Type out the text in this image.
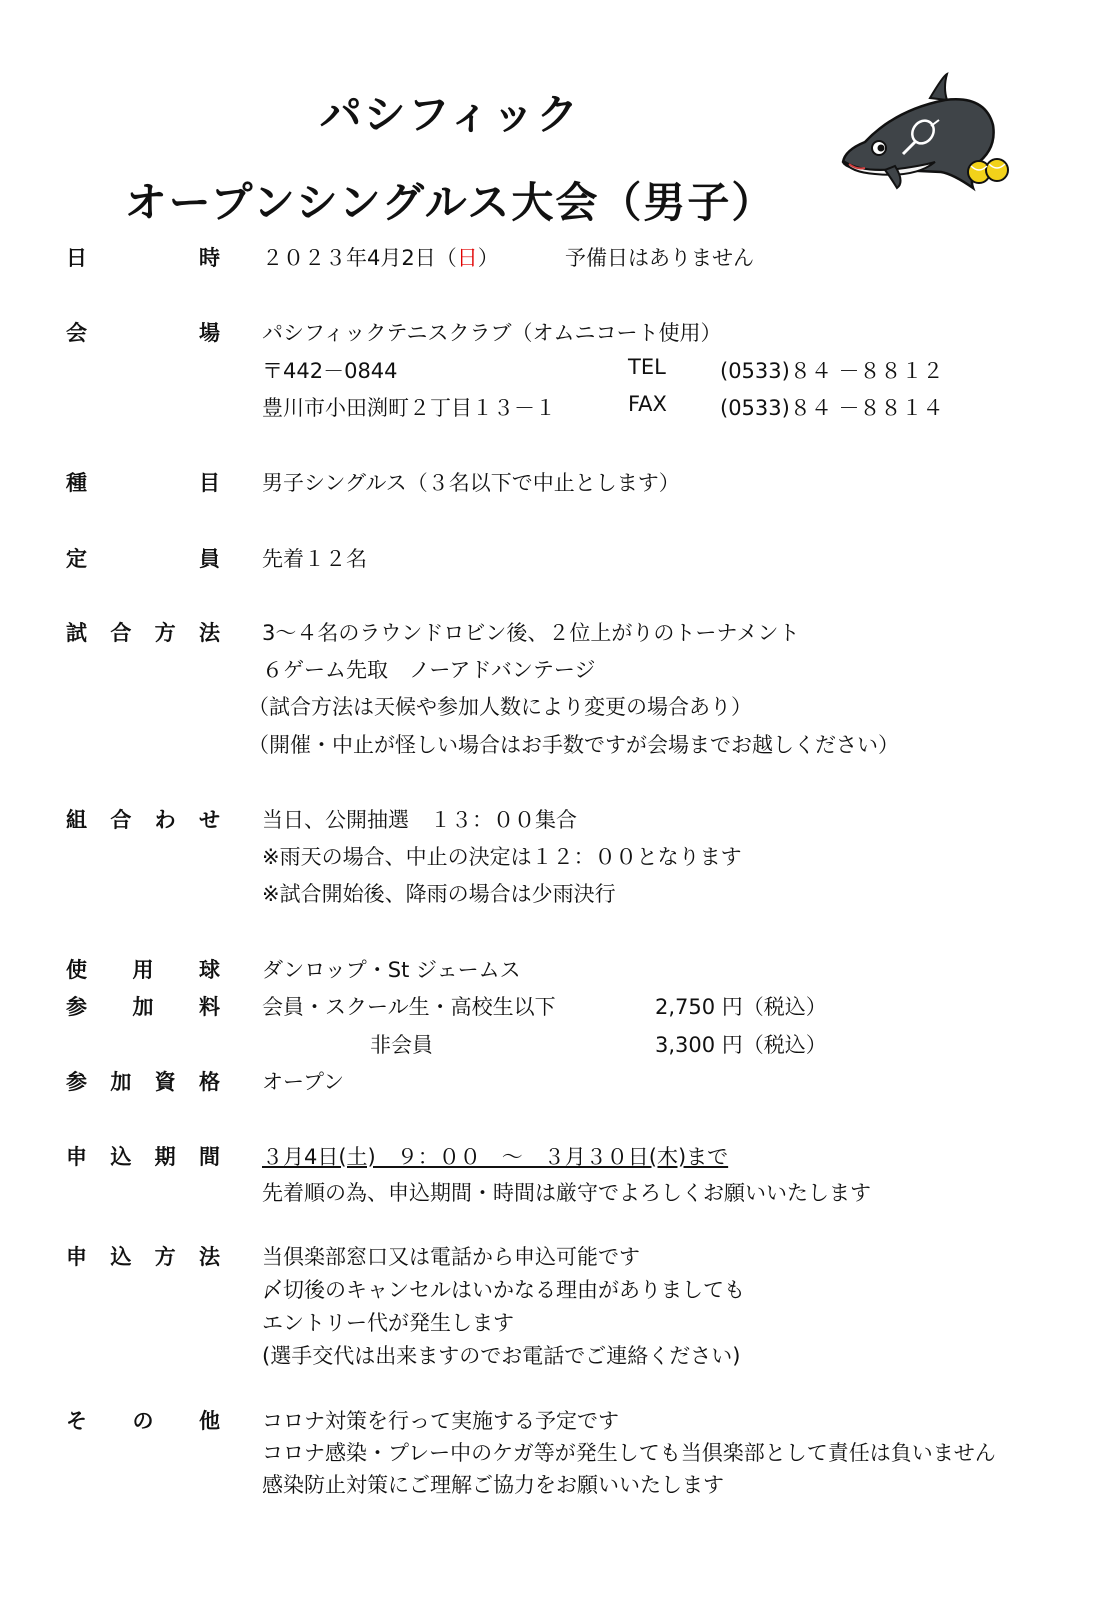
パシフィック
オープンシングルス大会（男子）
日	時 ２０２３年4月2日（日）	予備日はありません
会	場 パシフィックテニスクラブ（オムニコート使用）
〒442－0844	TEL	(0533)８４ －８８１２
豊川市小田渕町２丁目１３－１	FAX	(0533)８４ －８８１４
種	目 男子シングルス（３名以下で中止とします）
定	員 先着１２名
試 合 方 法 3～４名のラウンドロビン後、２位上がりのトーナメント
６ゲーム先取　ノーアドバンテージ
（試合方法は天候や参加人数により変更の場合あり）
（開催・中止が怪しい場合はお手数ですが会場までお越しください）
組 合 わ せ 当日、公開抽選　１３：００集合
※雨天の場合、中止の決定は１２：００となります
※試合開始後、降雨の場合は少雨決行
使 用 球 ダンロップ・St ジェームス
参 加 料 会員・スクール生・高校生以下	2,750 円（税込）
非会員	3,300 円（税込）
参 加 資 格 オープン
申 込 期 間 ３月4日(土)　９：００　～　３月３０日(木)まで
先着順の為、申込期間・時間は厳守でよろしくお願いいたします
申 込 方 法 当倶楽部窓口又は電話から申込可能です
〆切後のキャンセルはいかなる理由がありましても
エントリー代が発生します
(選手交代は出来ますのでお電話でご連絡ください)
そ の 他 コロナ対策を行って実施する予定です
コロナ感染・プレー中のケガ等が発生しても当倶楽部として責任は負いません
感染防止対策にご理解ご協力をお願いいたします
